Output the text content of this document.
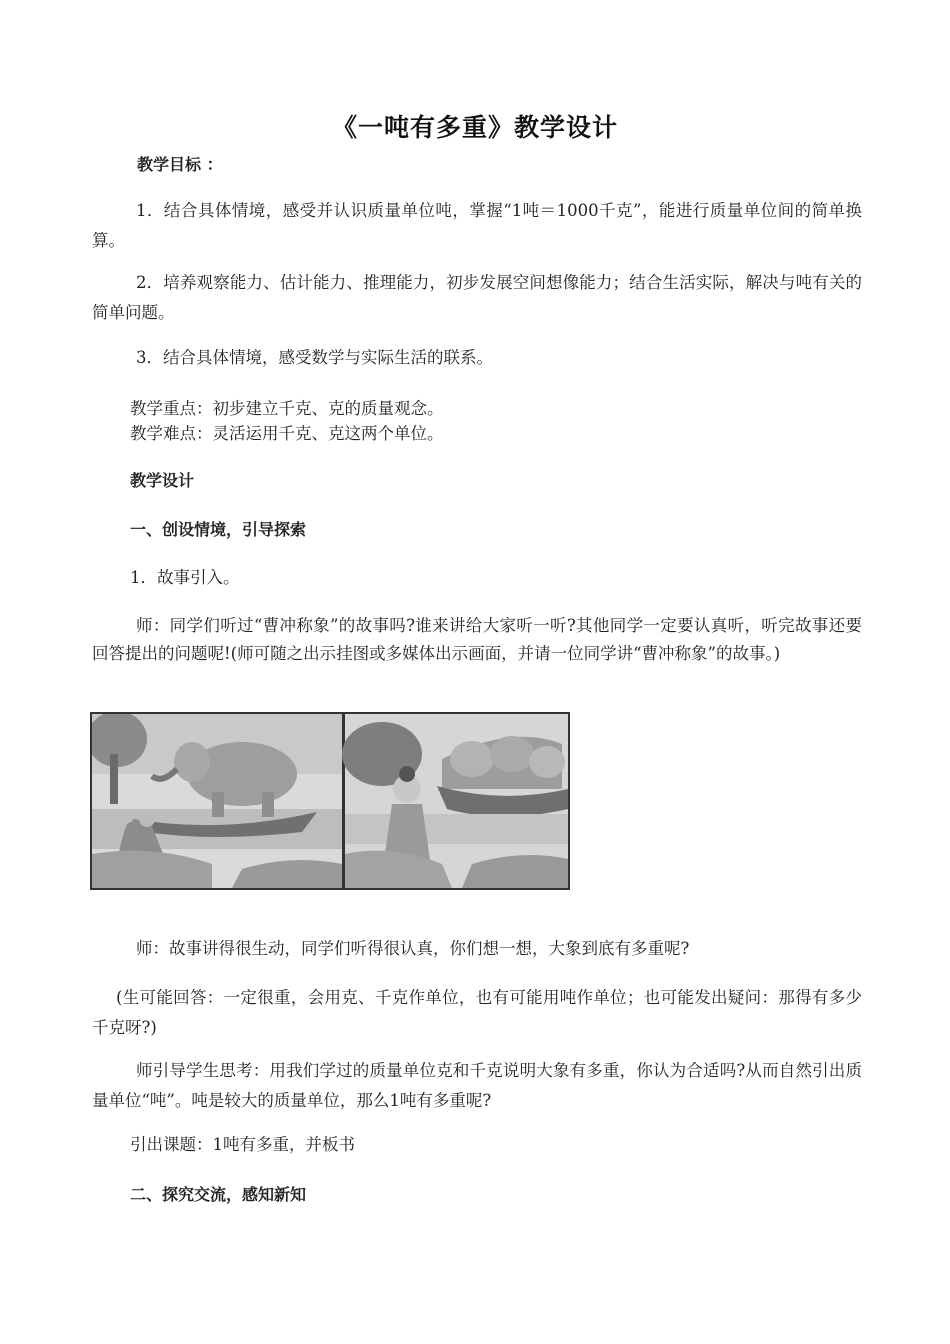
《一吨有多重》教学设计
教学目标 ：
1．结合具体情境，感受并认识质量单位吨，掌握“1吨＝1000千克”，能进行质量单位间的简单换算。
2．培养观察能力、估计能力、推理能力，初步发展空间想像能力；结合生活实际，解决与吨有关的简单问题。
3．结合具体情境，感受数学与实际生活的联系。
教学重点：初步建立千克、克的质量观念。
教学难点：灵活运用千克、克这两个单位。
教学设计
一、创设情境，引导探索
1．故事引入。
师：同学们听过“曹冲称象”的故事吗?谁来讲给大家听一听?其他同学一定要认真听，听完故事还要回答提出的问题呢!(师可随之出示挂图或多媒体出示画面，并请一位同学讲“曹冲称象”的故事。)
师：故事讲得很生动，同学们听得很认真，你们想一想，大象到底有多重呢?
(生可能回答：一定很重，会用克、千克作单位，也有可能用吨作单位；也可能发出疑问：那得有多少千克呀?)
师引导学生思考：用我们学过的质量单位克和千克说明大象有多重，你认为合适吗?从而自然引出质量单位“吨”。吨是较大的质量单位，那么1吨有多重呢?
引出课题：1吨有多重，并板书
二、探究交流，感知新知
